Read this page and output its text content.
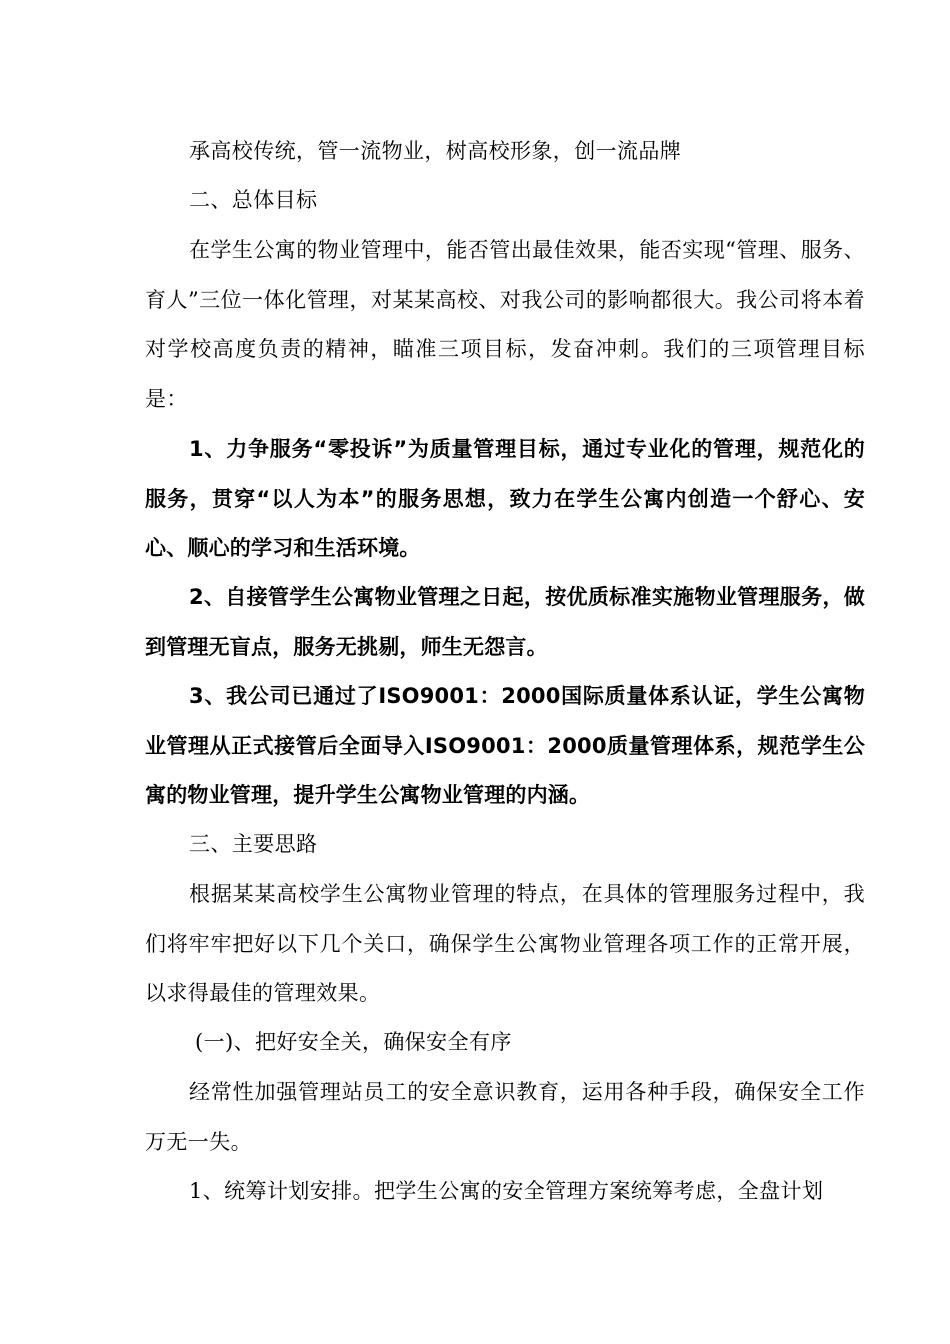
承高校传统，管一流物业，树高校形象，创一流品牌

二、总体目标

在学生公寓的物业管理中，能否管出最佳效果，能否实现“管理、服务、育人”三位一体化管理，对某某高校、对我公司的影响都很大。我公司将本着对学校高度负责的精神，瞄准三项目标，发奋冲刺。我们的三项管理目标是：

1、力争服务“零投诉”为质量管理目标，通过专业化的管理，规范化的服务，贯穿“以人为本”的服务思想，致力在学生公寓内创造一个舒心、安心、顺心的学习和生活环境。

2、自接管学生公寓物业管理之日起，按优质标准实施物业管理服务，做到管理无盲点，服务无挑剔，师生无怨言。

3、我公司已通过了ISO9001：2000国际质量体系认证，学生公寓物业管理从正式接管后全面导入ISO9001：2000质量管理体系，规范学生公寓的物业管理，提升学生公寓物业管理的内涵。

三、主要思路

根据某某高校学生公寓物业管理的特点，在具体的管理服务过程中，我们将牢牢把好以下几个关口，确保学生公寓物业管理各项工作的正常开展，以求得最佳的管理效果。

(一)、把好安全关，确保安全有序

经常性加强管理站员工的安全意识教育，运用各种手段，确保安全工作万无一失。

1、统筹计划安排。把学生公寓的安全管理方案统筹考虑，全盘计划
